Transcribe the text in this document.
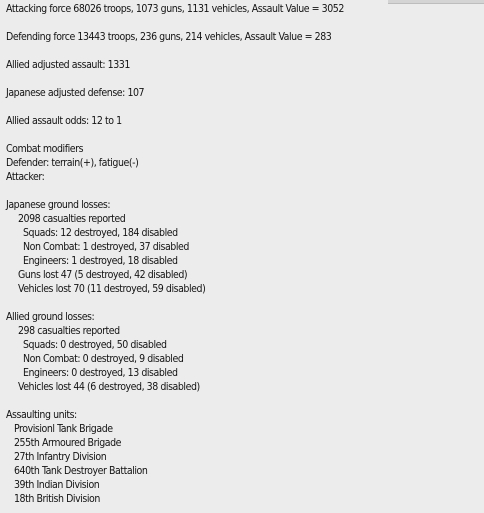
Attacking force 68026 troops, 1073 guns, 1131 vehicles, Assault Value = 3052
Defending force 13443 troops, 236 guns, 214 vehicles, Assault Value = 283
Allied adjusted assault: 1331
Japanese adjusted defense: 107
Allied assault odds: 12 to 1
Combat modifiers
Defender: terrain(+), fatigue(-)
Attacker:
Japanese ground losses:
2098 casualties reported
Squads: 12 destroyed, 184 disabled
Non Combat: 1 destroyed, 37 disabled
Engineers: 1 destroyed, 18 disabled
Guns lost 47 (5 destroyed, 42 disabled)
Vehicles lost 70 (11 destroyed, 59 disabled)
Allied ground losses:
298 casualties reported
Squads: 0 destroyed, 50 disabled
Non Combat: 0 destroyed, 9 disabled
Engineers: 0 destroyed, 13 disabled
Vehicles lost 44 (6 destroyed, 38 disabled)
Assaulting units:
Provisionl Tank Brigade
255th Armoured Brigade
27th Infantry Division
640th Tank Destroyer Battalion
39th Indian Division
18th British Division
